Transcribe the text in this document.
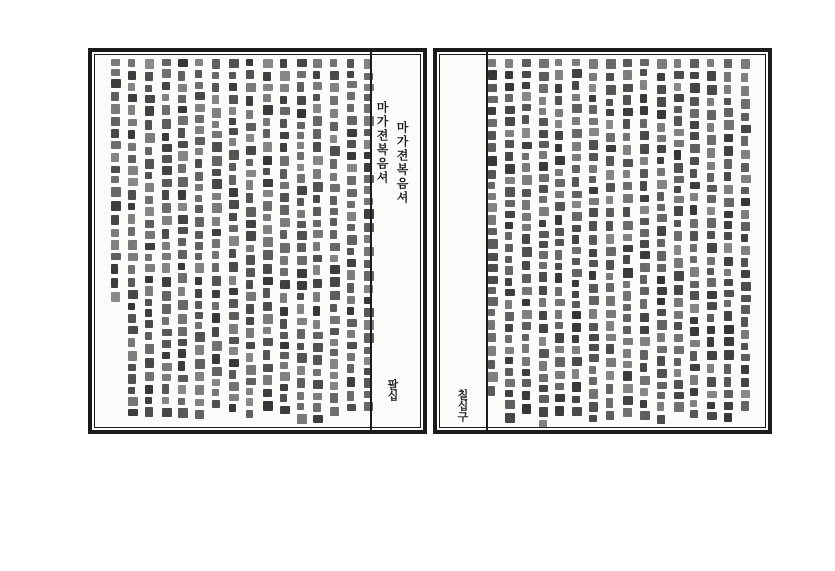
마가젼복음셔 마가젼복음셔
팔십	칠십구
